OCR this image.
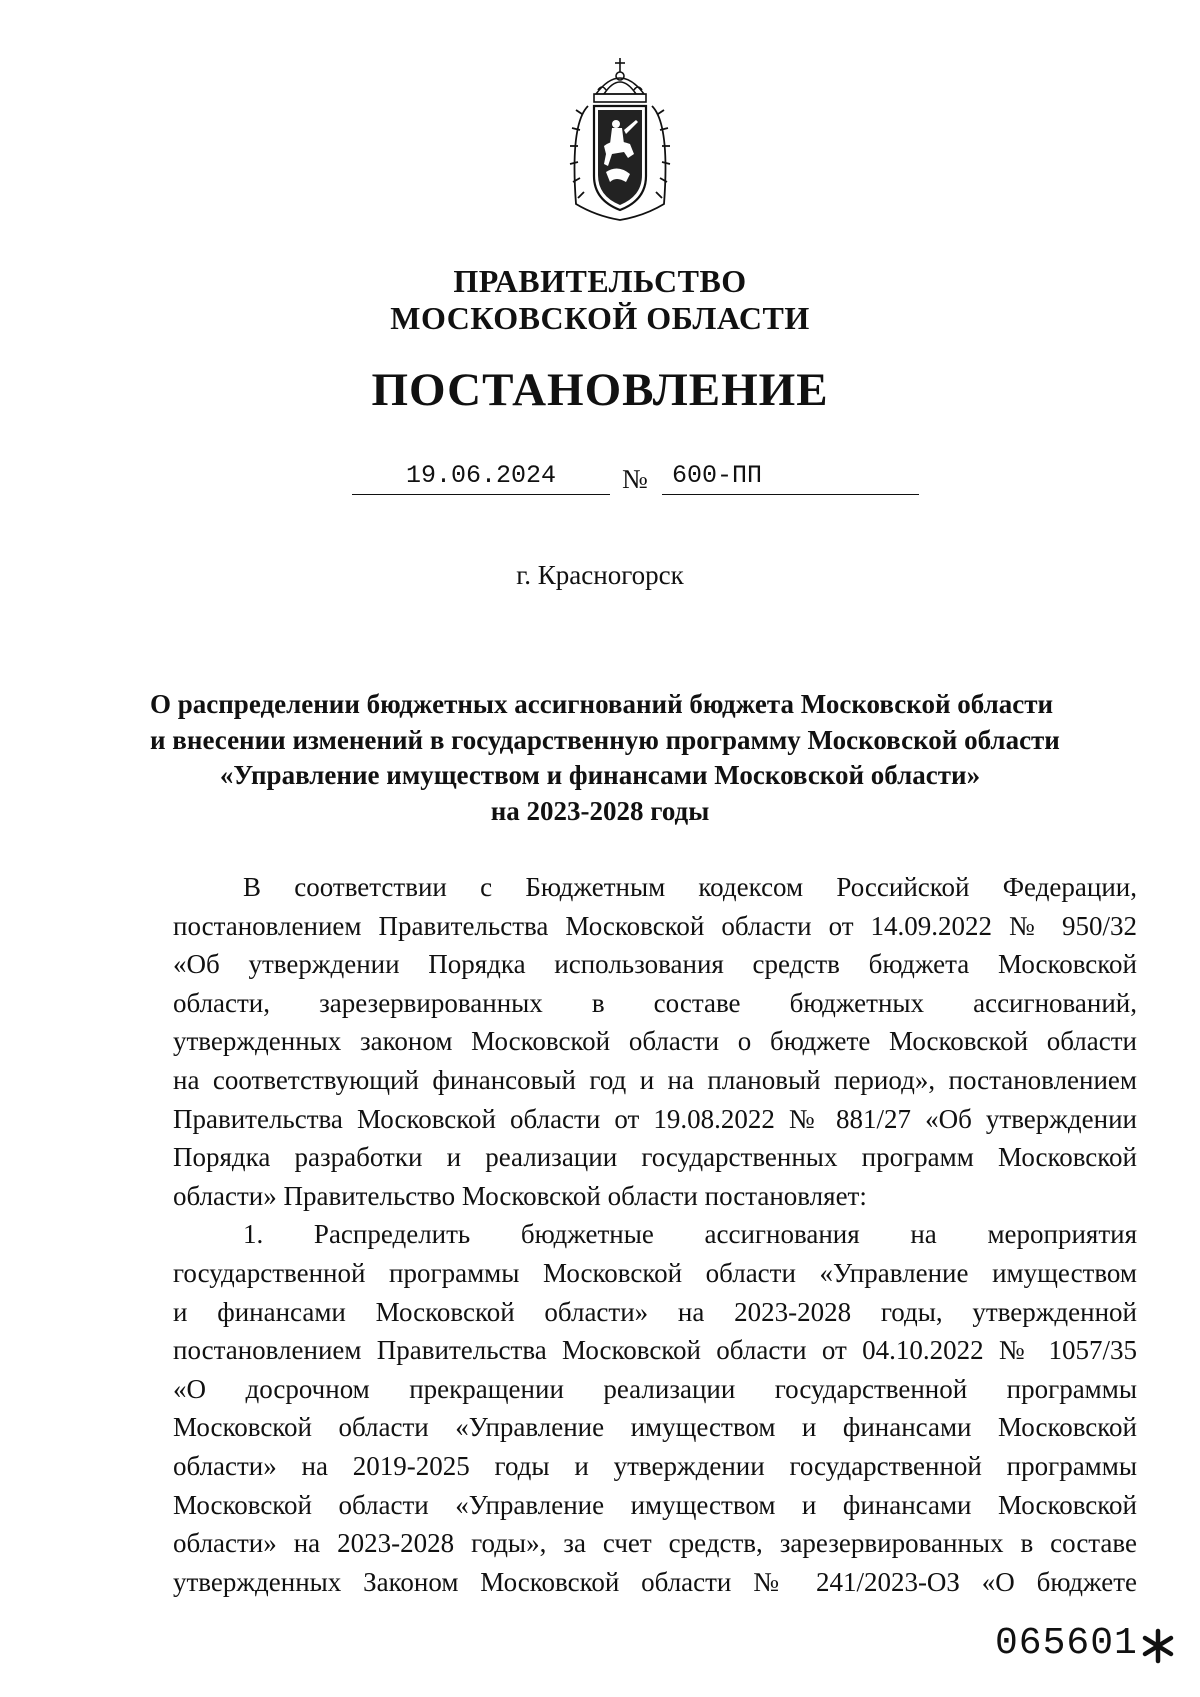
ПРАВИТЕЛЬСТВО
МОСКОВСКОЙ ОБЛАСТИ
ПОСТАНОВЛЕНИЕ
19.06.2024	№ 600-ПП
г. Красногорск
О распределении бюджетных ассигнований бюджета Московской области
и внесении изменений в государственную программу Московской области
«Управление имуществом и финансами Московской области»
на 2023-2028 годы
В соответствии с Бюджетным кодексом Российской Федерации,
постановлением Правительства Московской области от 14.09.2022 № 950/32
«Об утверждении Порядка использования средств бюджета Московской
области, зарезервированных в составе бюджетных ассигнований,
утвержденных законом Московской области о бюджете Московской области
на соответствующий финансовый год и на плановый период», постановлением
Правительства Московской области от 19.08.2022 № 881/27 «Об утверждении
Порядка разработки и реализации государственных программ Московской
области» Правительство Московской области постановляет:
1. Распределить бюджетные ассигнования на мероприятия
государственной программы Московской области «Управление имуществом
и финансами Московской области» на 2023-2028 годы, утвержденной
постановлением Правительства Московской области от 04.10.2022 № 1057/35
«О досрочном прекращении реализации государственной программы
Московской области «Управление имуществом и финансами Московской
области» на 2019-2025 годы и утверждении государственной программы
Московской области «Управление имуществом и финансами Московской
области» на 2023-2028 годы», за счет средств, зарезервированных в составе
утвержденных Законом Московской области № 241/2023-ОЗ «О бюджете
065601
